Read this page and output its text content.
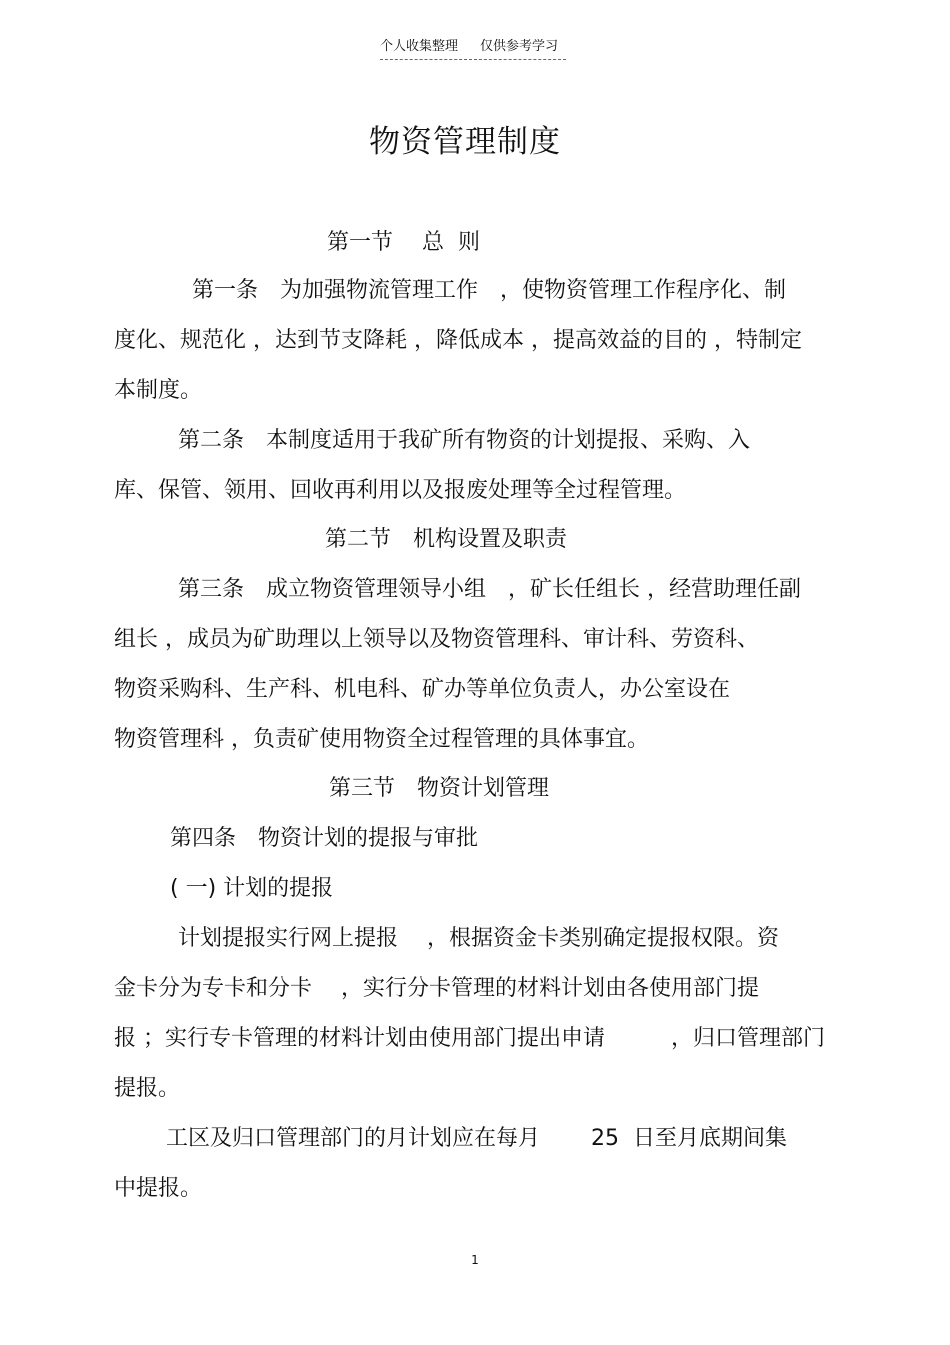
个人收集整理 仅供参考学习
物资管理制度
第一节　 总  则
第一条　为加强物流管理工作　，使物资管理工作程序化、制
度化、规范化 ，达到节支降耗 ，降低成本 ，提高效益的目的 ，特制定
本制度。
第二条　本制度适用于我矿所有物资的计划提报、采购、入
库、保管、领用、回收再利用以及报废处理等全过程管理。
第二节　机构设置及职责
第三条　成立物资管理领导小组　，矿长任组长 ，经营助理任副
组长 ，成员为矿助理以上领导以及物资管理科、审计科、劳资科、
物资采购科、生产科、机电科、矿办等单位负责人，办公室设在
物资管理科 ，负责矿使用物资全过程管理的具体事宜。
第三节　物资计划管理
第四条　物资计划的提报与审批
( 一) 计划的提报
计划提报实行网上提报　 ，根据资金卡类别确定提报权限。资
金卡分为专卡和分卡　 ，实行分卡管理的材料计划由各使用部门提
报 ；实行专卡管理的材料计划由使用部门提出申请　　　，归口管理部门
提报。
工区及归口管理部门的月计划应在每月　　 25  日至月底期间集
中提报。
1
